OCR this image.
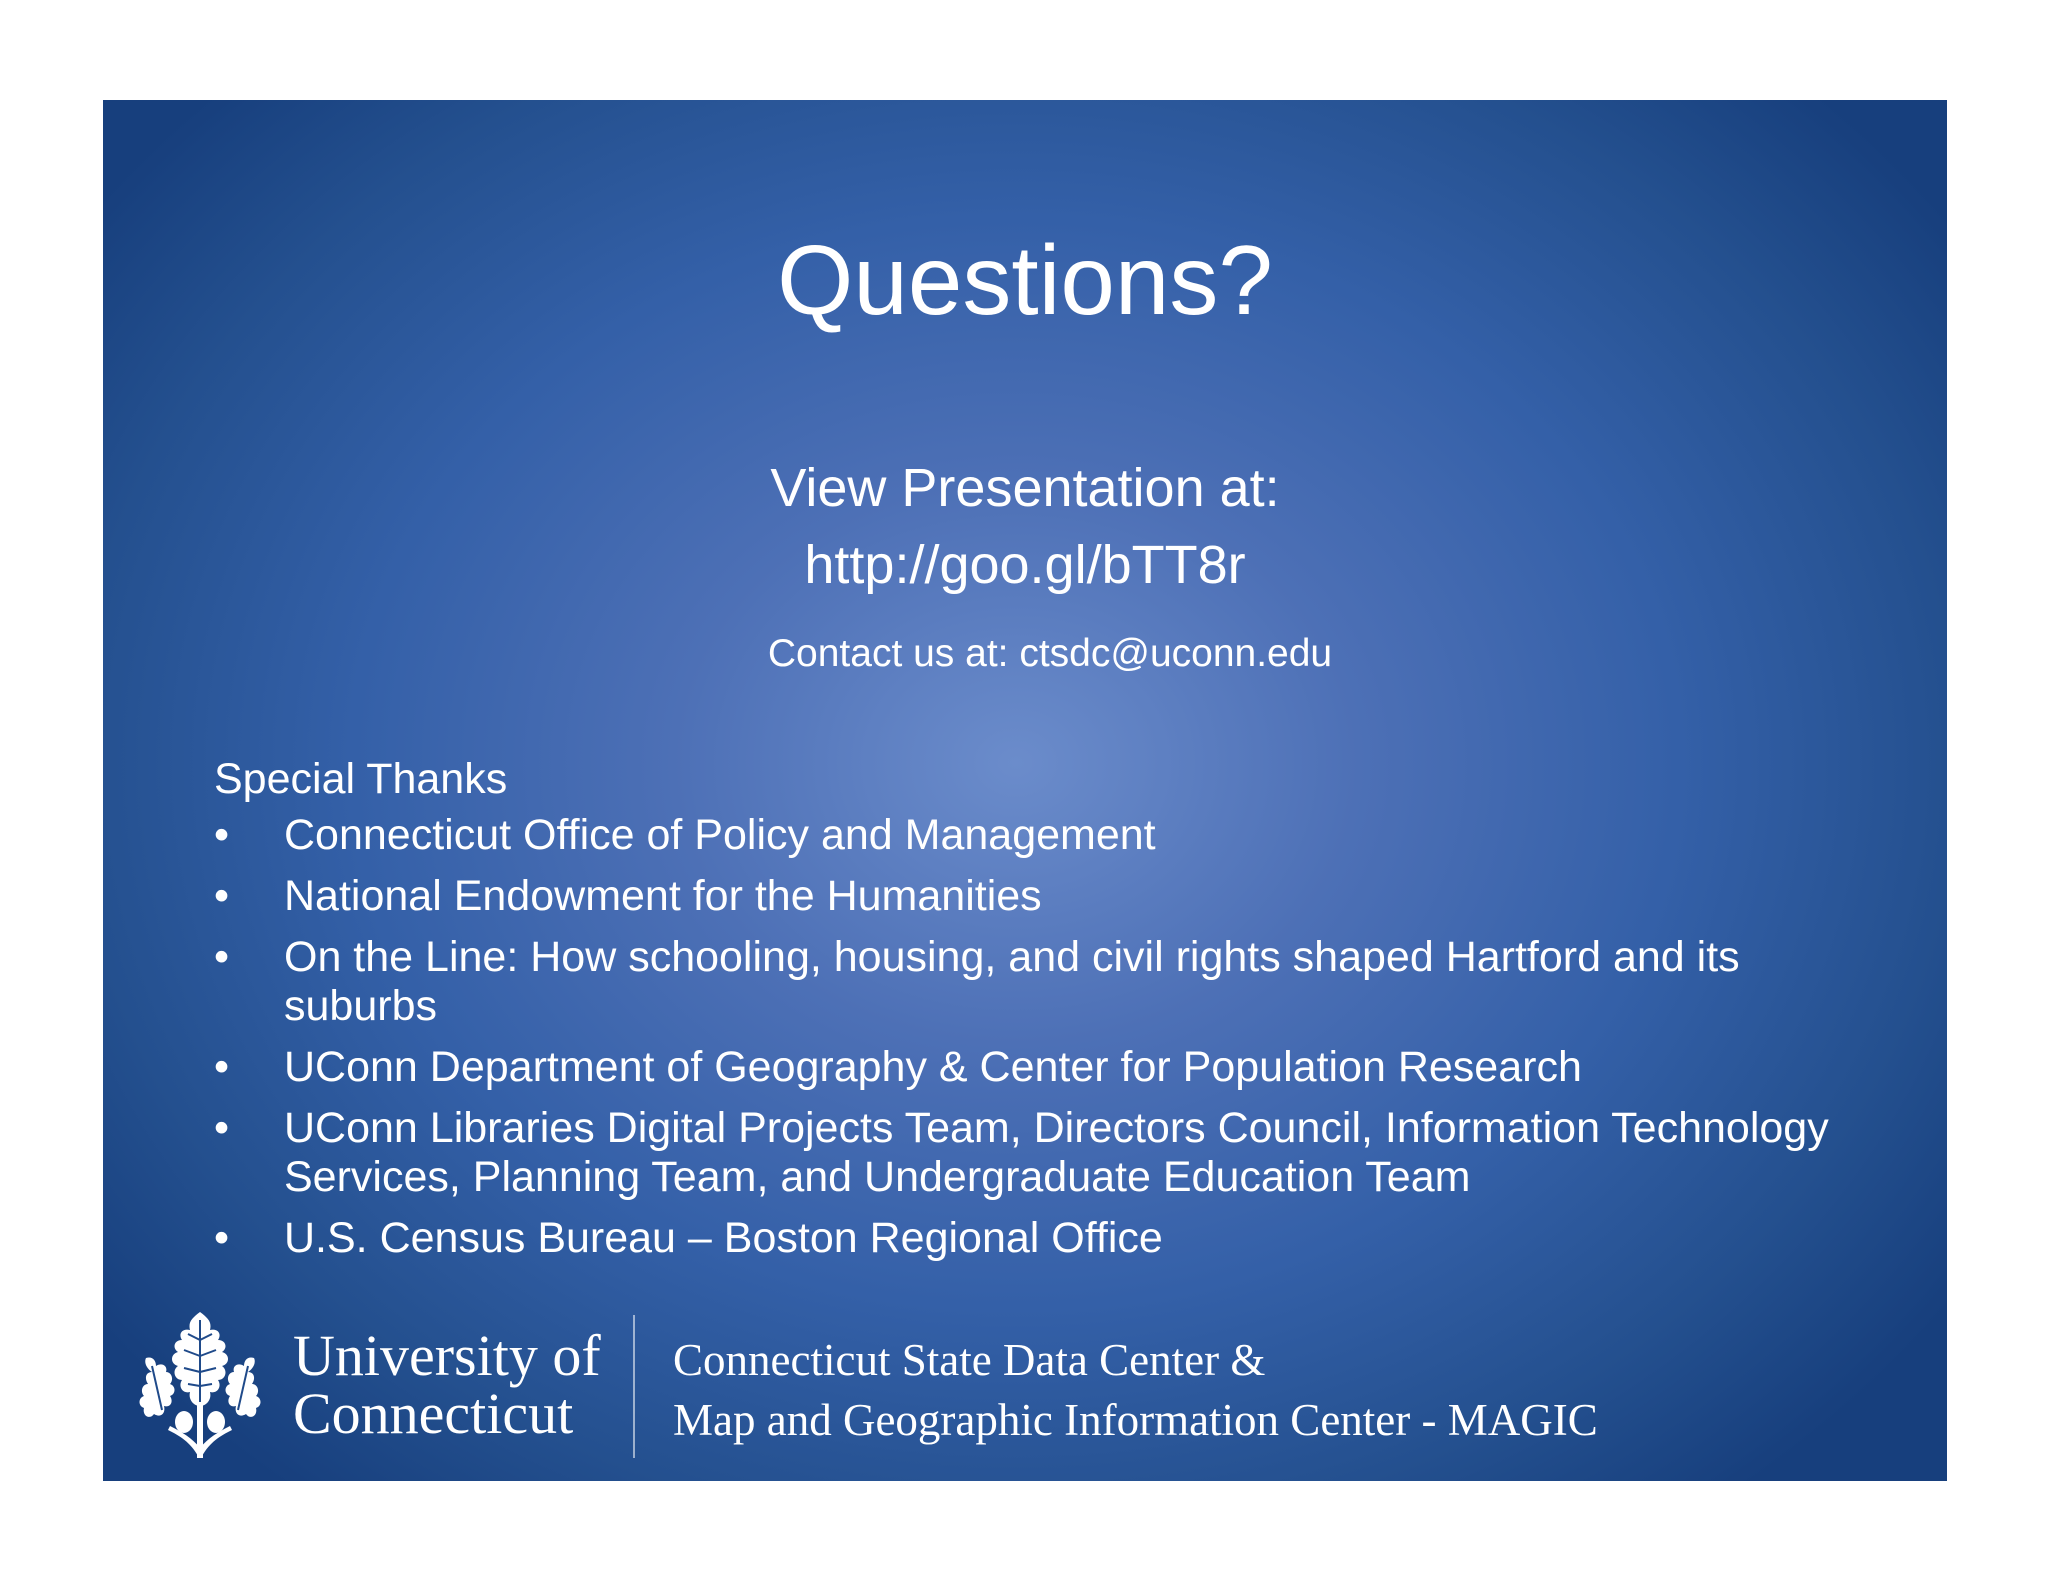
Questions?
View Presentation at:
http://goo.gl/bTT8r
Contact us at: ctsdc@uconn.edu
Special Thanks
• Connecticut Office of Policy and Management
• National Endowment for the Humanities
• On the Line: How schooling, housing, and civil rights shaped Hartford and its suburbs
• UConn Department of Geography & Center for Population Research
• UConn Libraries Digital Projects Team, Directors Council, Information Technology Services, Planning Team, and Undergraduate Education Team
• U.S. Census Bureau – Boston Regional Office
University of
Connecticut
Connecticut State Data Center &
Map and Geographic Information Center - MAGIC
